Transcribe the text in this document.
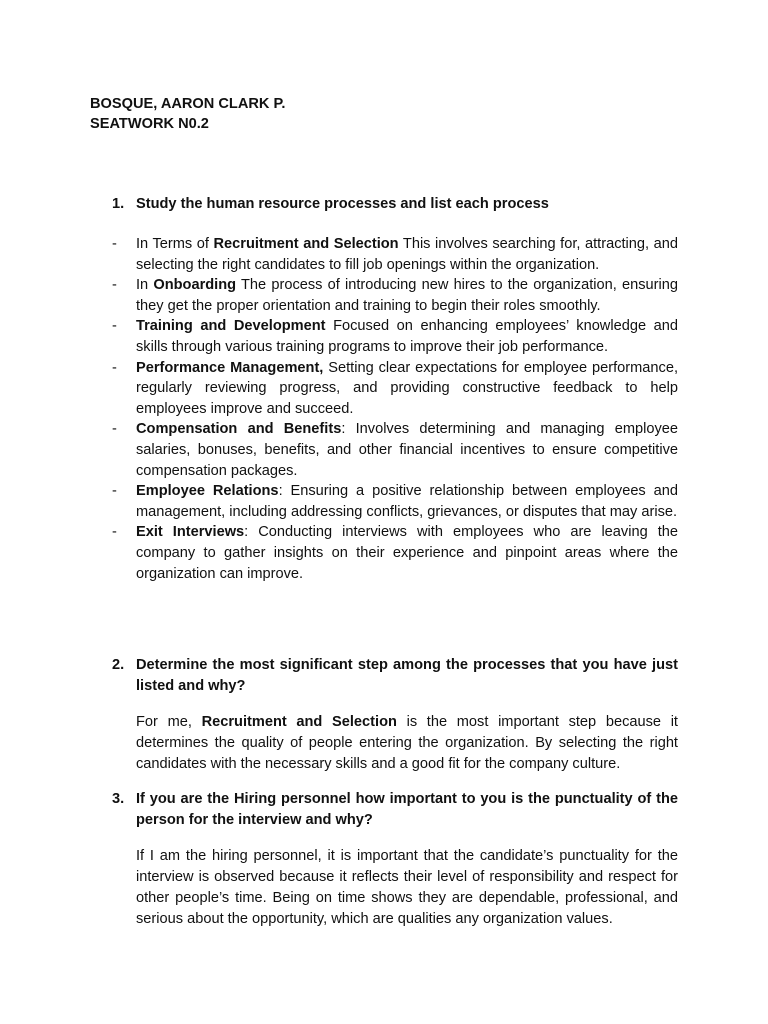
BOSQUE, AARON CLARK P.
SEATWORK N0.2
1. Study the human resource processes and list each process
- In Terms of Recruitment and Selection This involves searching for, attracting, and selecting the right candidates to fill job openings within the organization.
- In Onboarding The process of introducing new hires to the organization, ensuring they get the proper orientation and training to begin their roles smoothly.
- Training and Development Focused on enhancing employees’ knowledge and skills through various training programs to improve their job performance.
- Performance Management, Setting clear expectations for employee performance, regularly reviewing progress, and providing constructive feedback to help employees improve and succeed.
- Compensation and Benefits: Involves determining and managing employee salaries, bonuses, benefits, and other financial incentives to ensure competitive compensation packages.
- Employee Relations: Ensuring a positive relationship between employees and management, including addressing conflicts, grievances, or disputes that may arise.
- Exit Interviews: Conducting interviews with employees who are leaving the company to gather insights on their experience and pinpoint areas where the organization can improve.
2. Determine the most significant step among the processes that you have just listed and why?
For me, Recruitment and Selection is the most important step because it determines the quality of people entering the organization. By selecting the right candidates with the necessary skills and a good fit for the company culture.
3. If you are the Hiring personnel how important to you is the punctuality of the person for the interview and why?
If I am the hiring personnel, it is important that the candidate’s punctuality for the interview is observed because it reflects their level of responsibility and respect for other people’s time. Being on time shows they are dependable, professional, and serious about the opportunity, which are qualities any organization values.
